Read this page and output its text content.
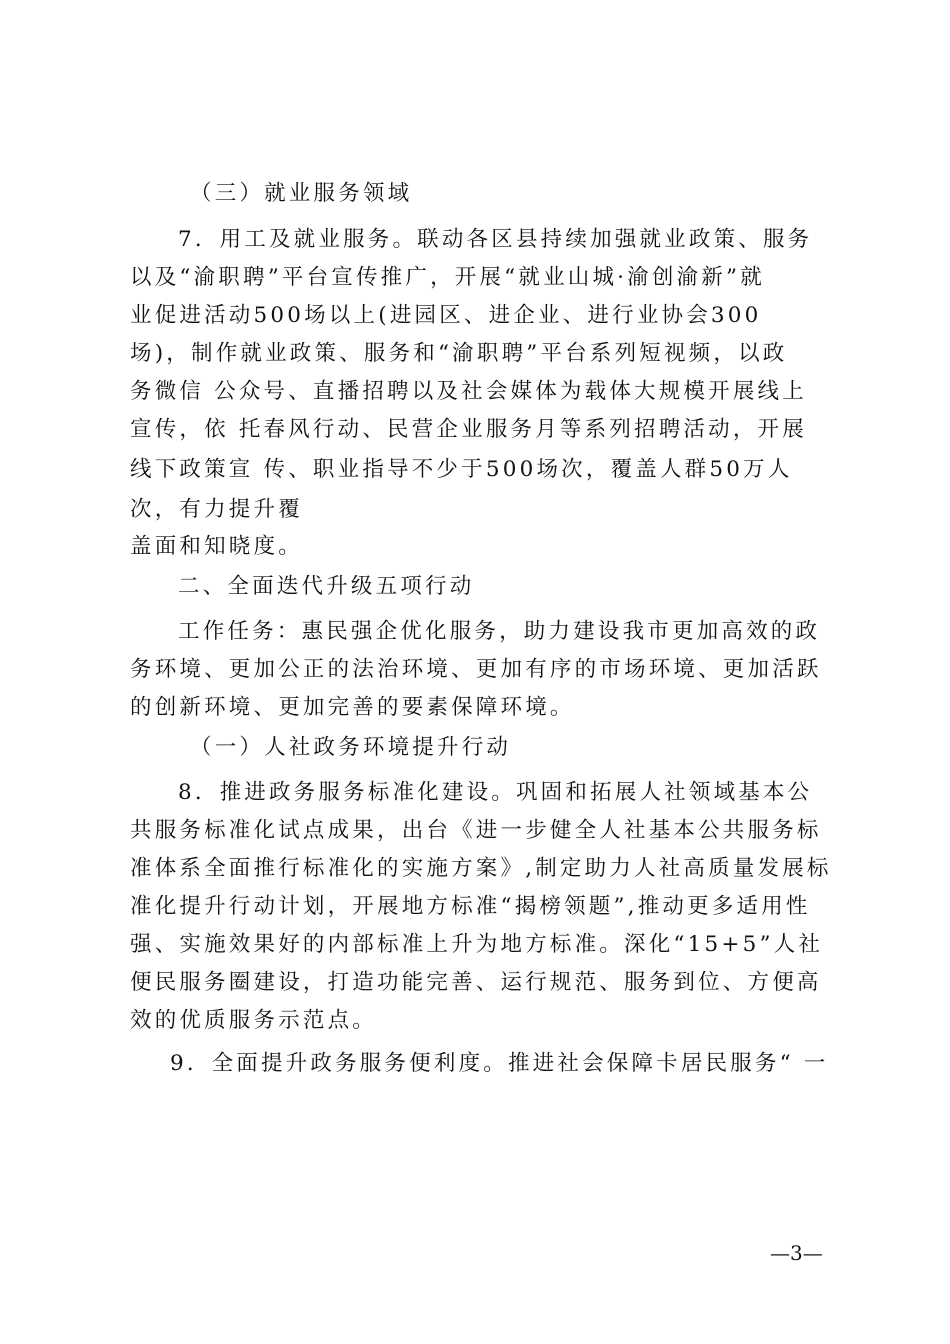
（三）就业服务领域
7．用工及就业服务。联动各区县持续加强就业政策、服务
以及“渝职聘”平台宣传推广，开展“就业山城·渝创渝新”就
业促进活动500场以上(进园区、进企业、进行业协会300
场)，制作就业政策、服务和“渝职聘”平台系列短视频，以政
务微信 公众号、直播招聘以及社会媒体为载体大规模开展线上
宣传，依 托春风行动、民营企业服务月等系列招聘活动，开展
线下政策宣 传、职业指导不少于500场次，覆盖人群50万人
次，有力提升覆
盖面和知晓度。
二、全面迭代升级五项行动
工作任务：惠民强企优化服务，助力建设我市更加高效的政
务环境、更加公正的法治环境、更加有序的市场环境、更加活跃
的创新环境、更加完善的要素保障环境。
（一）人社政务环境提升行动
8．推进政务服务标准化建设。巩固和拓展人社领域基本公
共服务标准化试点成果，出台《进一步健全人社基本公共服务标
准体系全面推行标准化的实施方案》,制定助力人社高质量发展标
准化提升行动计划，开展地方标准“揭榜领题”,推动更多适用性
强、实施效果好的内部标准上升为地方标准。深化“15+5”人社
便民服务圈建设，打造功能完善、运行规范、服务到位、方便高
效的优质服务示范点。
9．全面提升政务服务便利度。推进社会保障卡居民服务“ 一
—3—
